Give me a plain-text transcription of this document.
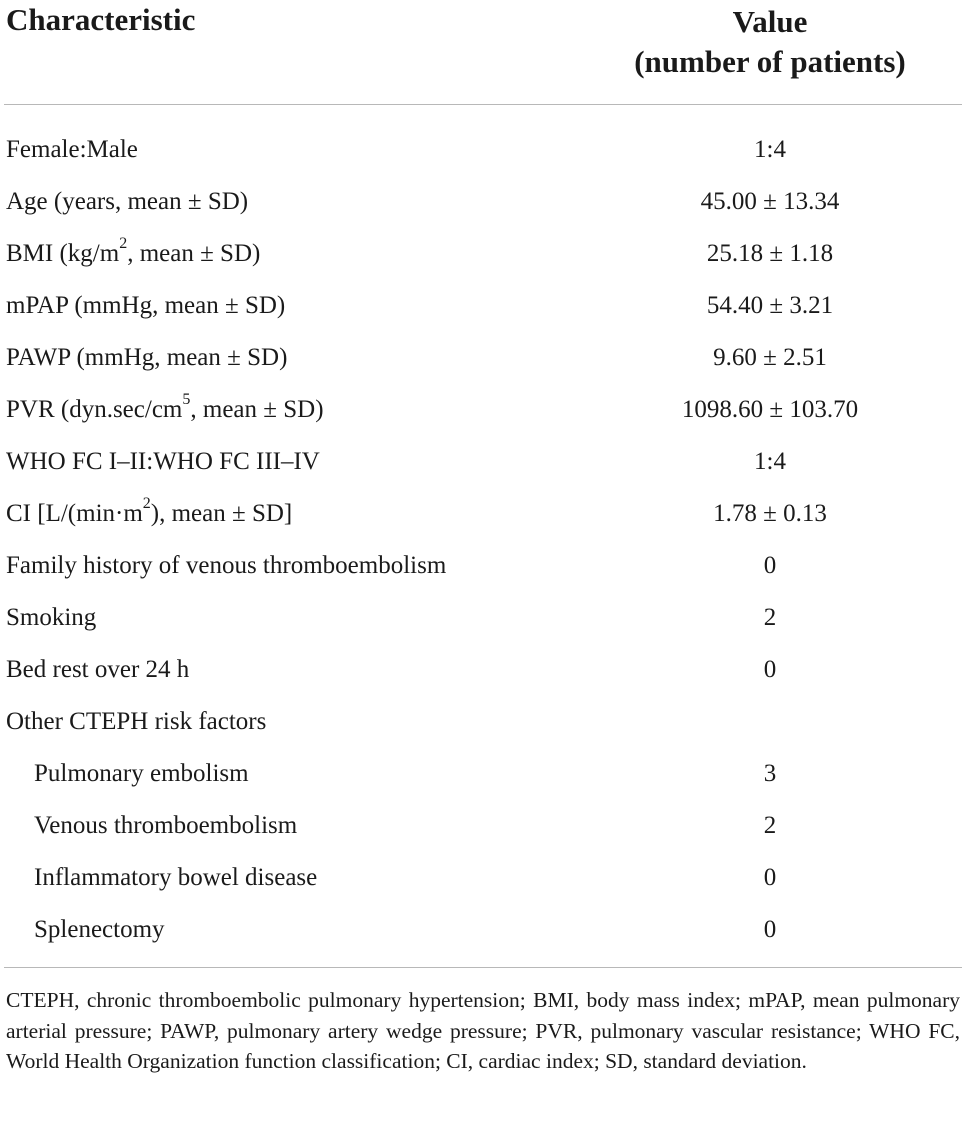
Characteristic	Value
(number of patients)
Female:Male	1:4
Age (years, mean ± SD)	45.00 ± 13.34
BMI ($kg/m^2$, mean ± SD)	25.18 ± 1.18
mPAP (mmHg, mean ± SD)	54.40 ± 3.21
PAWP (mmHg, mean ± SD)	9.60 ± 2.51
PVR ($dyn.\sec/cm^5$, mean ± SD)	1098.60 ± 103.70
WHO FC I–II:WHO FC III–IV	1:4
CI [$L/(\min\cdot m^2)$, mean ± SD]	1.78 ± 0.13
Family history of venous thromboembolism	0
Smoking	2
Bed rest over 24 h	0
Other CTEPH risk factors
Pulmonary embolism	3
Venous thromboembolism	2
Inflammatory bowel disease	0
Splenectomy	0
CTEPH, chronic thromboembolic pulmonary hypertension; BMI, body mass index; mPAP, mean pulmonary arterial pressure; PAWP, pulmonary artery wedge pressure; PVR, pulmonary vascular resistance; WHO FC, World Health Organization function classification; CI, cardiac index; SD, standard deviation.
